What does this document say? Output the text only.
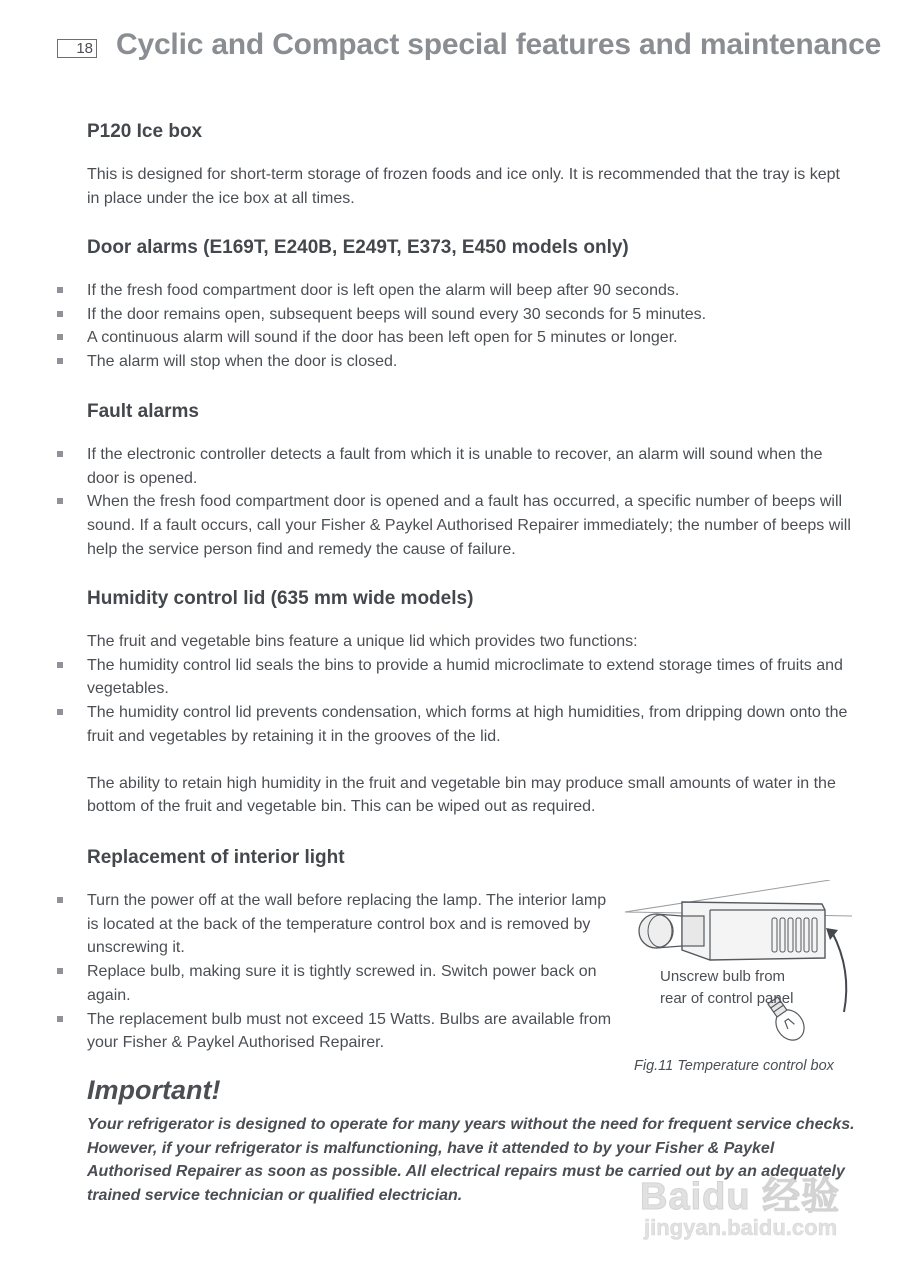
18 Cyclic and Compact special features and maintenance
P120 Ice box

This is designed for short-term storage of frozen foods and ice only. It is recommended that the tray is kept in place under the ice box at all times.

Door alarms (E169T, E240B, E249T, E373, E450 models only)
If the fresh food compartment door is left open the alarm will beep after 90 seconds.
If the door remains open, subsequent beeps will sound every 30 seconds for 5 minutes.
A continuous alarm will sound if the door has been left open for 5 minutes or longer.
The alarm will stop when the door is closed.
Fault alarms
If the electronic controller detects a fault from which it is unable to recover, an alarm will sound when the door is opened.
When the fresh food compartment door is opened and a fault has occurred, a specific number of beeps will sound. If a fault occurs, call your Fisher & Paykel Authorised Repairer immediately; the number of beeps will help the service person find and remedy the cause of failure.
Humidity control lid (635 mm wide models)

The fruit and vegetable bins feature a unique lid which provides two functions:

The humidity control lid seals the bins to provide a humid microclimate to extend storage times of fruits and vegetables.
The humidity control lid prevents condensation, which forms at high humidities, from dripping down onto the fruit and vegetables by retaining it in the grooves of the lid.

The ability to retain high humidity in the fruit and vegetable bin may produce small amounts of water in the bottom of the fruit and vegetable bin. This can be wiped out as required.

Replacement of interior light
Turn the power off at the wall before replacing the lamp. The interior lamp is located at the back of the temperature control box and is removed by unscrewing it.
Replace bulb, making sure it is tightly screwed in. Switch power back on again.
The replacement bulb must not exceed 15 Watts. Bulbs are available from your Fisher & Paykel Authorised Repairer.
Unscrew bulb from
rear of control panel
Fig.11 Temperature control box
Important!
Your refrigerator is designed to operate for many years without the need for frequent service checks. However, if your refrigerator is malfunctioning, have it attended to by your Fisher & Paykel Authorised Repairer as soon as possible. All electrical repairs must be carried out by an adequately trained service technician or qualified electrician.	Baidu 经验
jingyan.baidu.com
